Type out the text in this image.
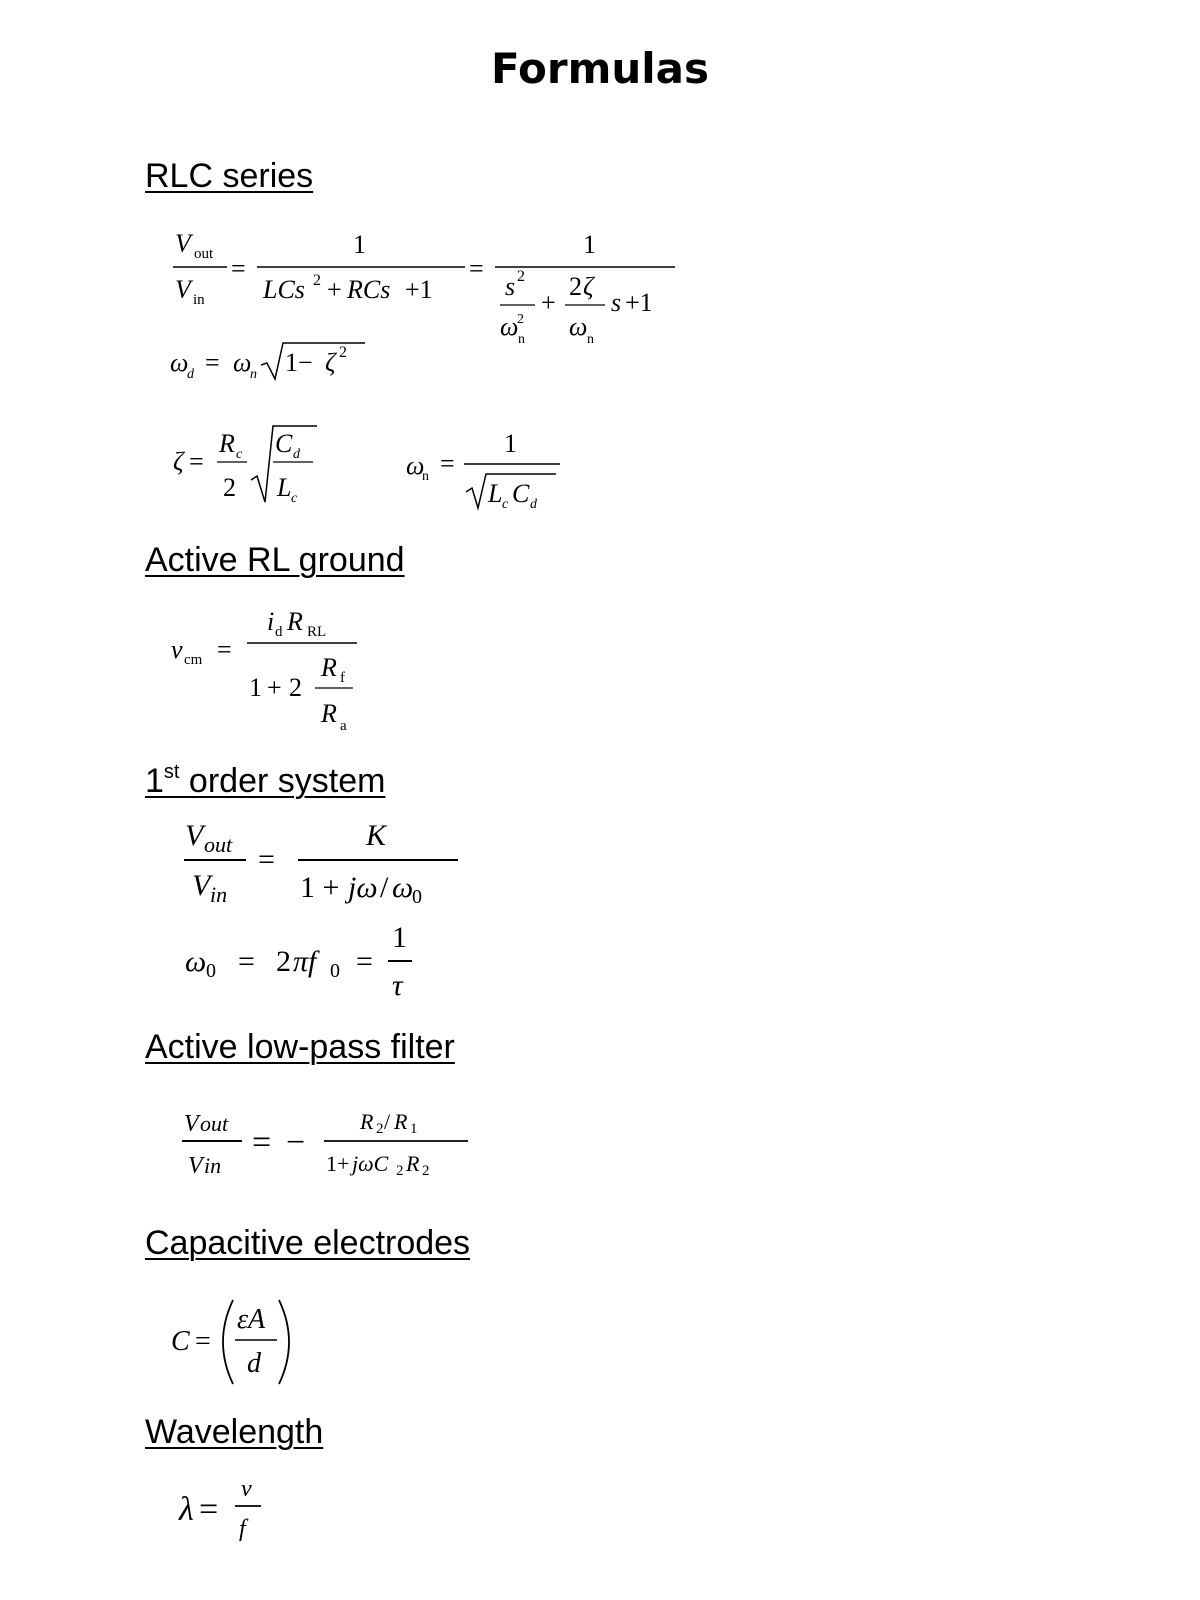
Formulas
RLC series
V out
V in
=
1
LCs 2 + RCs +1
=
1
s 2
ω
2
n
+
2 ζ
ω n
s +1
ω
d = ω
n 1− ζ 2
ζ =
R c
2
C d
L c
ω
n =
1
L c C d
Active RL ground
v cm =
i d R RL
1 + 2
R f
R a
1st order system
V out
V in
=
K
1 + jω / ω
0
ω 0 = 2 πf 0 =
1
τ
Active low-pass filter
V out
V in
= −
R 2 / R 1
1+ jωC 2 R 2
Capacitive electrodes
C =
εA
d
Wavelength
λ =
v
f
